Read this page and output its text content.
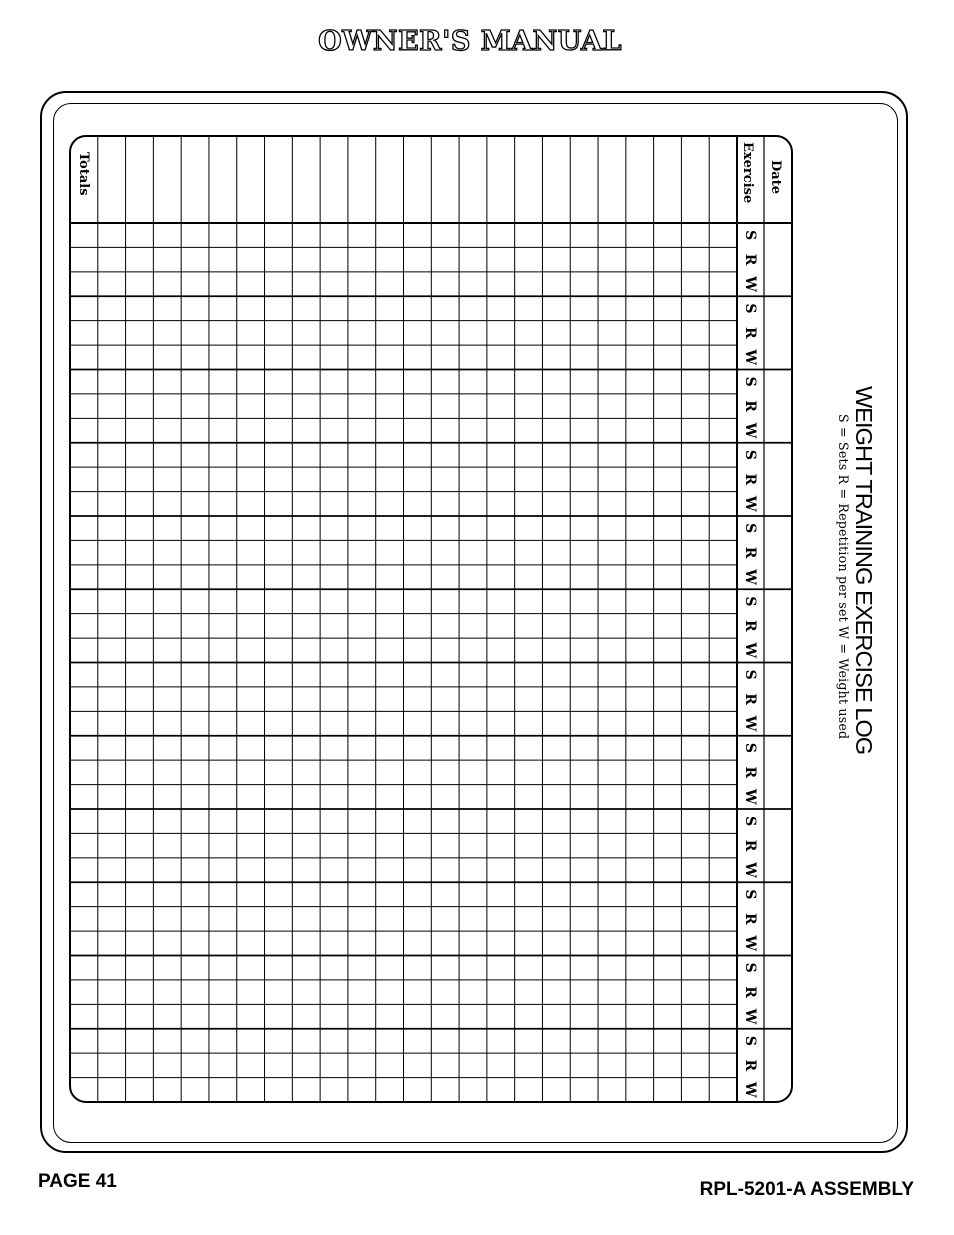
OWNER'S MANUAL
Date
Exercise
Totals
S
R
W
S
R
W
S
R
W
S
R
W
S
R
W
S
R
W
S
R
W
S
R
W
S
R
W
S
R
W
S
R
W
S
R
W
WEIGHT TRAINING EXERCISE LOG
S = Sets R = Repetition per set W = Weight used
PAGE 41	RPL-5201-A ASSEMBLY
